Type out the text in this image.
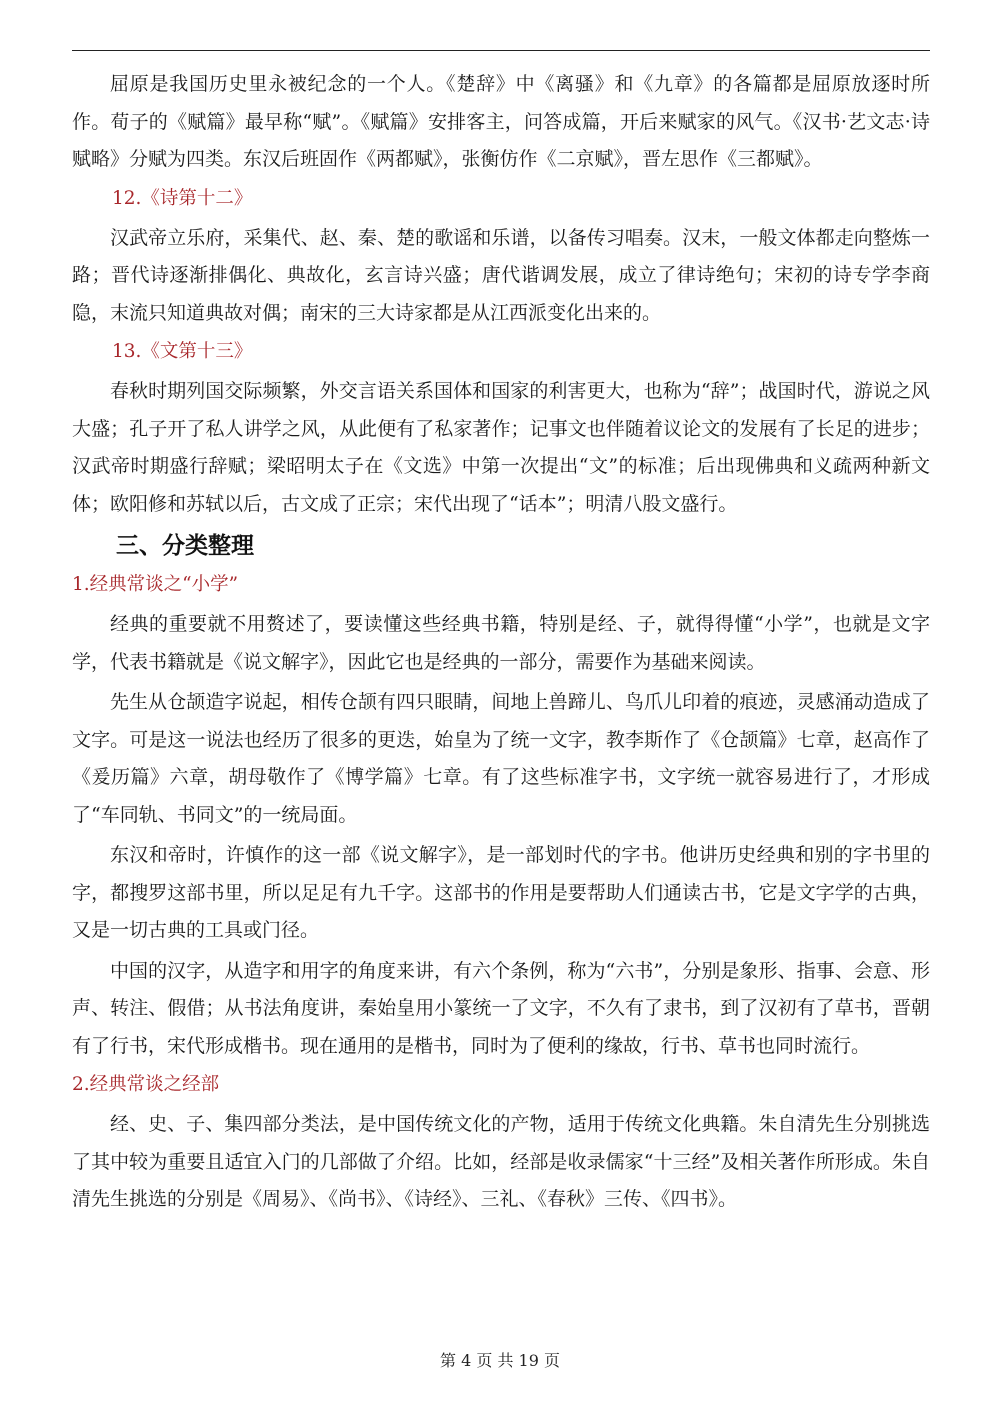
屈原是我国历史里永被纪念的一个人。《楚辞》中《离骚》和《九章》的各篇都是屈原放逐时所作。荀子的《赋篇》最早称“赋”。《赋篇》安排客主，问答成篇，开后来赋家的风气。《汉书·艺文志·诗赋略》分赋为四类。东汉后班固作《两都赋》，张衡仿作《二京赋》，晋左思作《三都赋》。

12.《诗第十二》

汉武帝立乐府，采集代、赵、秦、楚的歌谣和乐谱，以备传习唱奏。汉末，一般文体都走向整炼一路；晋代诗逐渐排偶化、典故化，玄言诗兴盛；唐代谐调发展，成立了律诗绝句；宋初的诗专学李商隐，末流只知道典故对偶；南宋的三大诗家都是从江西派变化出来的。

13.《文第十三》

春秋时期列国交际频繁，外交言语关系国体和国家的利害更大，也称为“辞”；战国时代，游说之风大盛；孔子开了私人讲学之风，从此便有了私家著作；记事文也伴随着议论文的发展有了长足的进步；汉武帝时期盛行辞赋；梁昭明太子在《文选》中第一次提出“文”的标准；后出现佛典和义疏两种新文体；欧阳修和苏轼以后，古文成了正宗；宋代出现了“话本”；明清八股文盛行。

三、分类整理
1.经典常谈之“小学”

经典的重要就不用赘述了，要读懂这些经典书籍，特别是经、子，就得得懂“小学”，也就是文字学，代表书籍就是《说文解字》，因此它也是经典的一部分，需要作为基础来阅读。

先生从仓颉造字说起，相传仓颉有四只眼睛，间地上兽蹄儿、鸟爪儿印着的痕迹，灵感涌动造成了文字。可是这一说法也经历了很多的更迭，始皇为了统一文字，教李斯作了《仓颉篇》七章，赵高作了《爰历篇》六章，胡母敬作了《博学篇》七章。有了这些标准字书，文字统一就容易进行了，才形成了“车同轨、书同文”的一统局面。

东汉和帝时，许慎作的这一部《说文解字》，是一部划时代的字书。他讲历史经典和别的字书里的字，都搜罗这部书里，所以足足有九千字。这部书的作用是要帮助人们通读古书，它是文字学的古典，又是一切古典的工具或门径。

中国的汉字，从造字和用字的角度来讲，有六个条例，称为“六书”，分别是象形、指事、会意、形声、转注、假借；从书法角度讲，秦始皇用小篆统一了文字，不久有了隶书，到了汉初有了草书，晋朝有了行书，宋代形成楷书。现在通用的是楷书，同时为了便利的缘故，行书、草书也同时流行。

2.经典常谈之经部

经、史、子、集四部分类法，是中国传统文化的产物，适用于传统文化典籍。朱自清先生分别挑选了其中较为重要且适宜入门的几部做了介绍。比如，经部是收录儒家“十三经”及相关著作所形成。朱自清先生挑选的分别是《周易》、《尚书》、《诗经》、三礼、《春秋》三传、《四书》。

第 4 页 共 19 页
